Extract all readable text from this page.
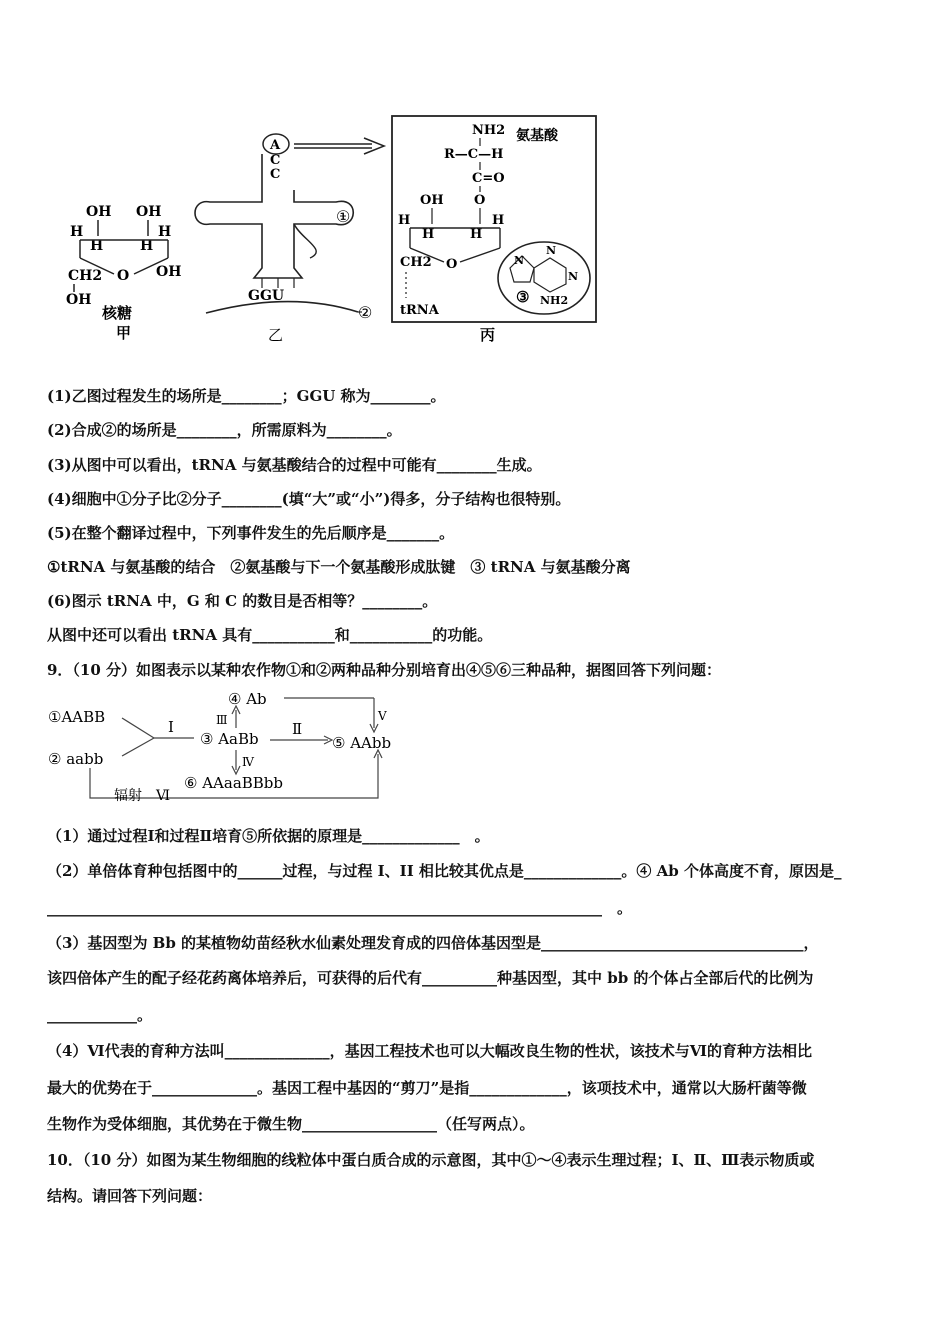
OH OH
H
H	H
H
O OH
CH2
OH
核糖
甲
A
C
C
GGU
①
②
乙
NH2 氨基酸
R—C—H
C=O
O
OH
H
H	H
H
O
CH2
tRNA
N
N
N
③ NH2
丙
(1)乙图过程发生的场所是________；GGU 称为________。
(2)合成②的场所是________，所需原料为________。
(3)从图中可以看出，tRNA 与氨基酸结合的过程中可能有________生成。
(4)细胞中①分子比②分子________(填“大”或“小”)得多，分子结构也很特别。
(5)在整个翻译过程中，下列事件发生的先后顺序是_______。
①tRNA 与氨基酸的结合　②氨基酸与下一个氨基酸形成肽键　③ tRNA 与氨基酸分离
(6)图示 tRNA 中，G 和 C 的数目是否相等？________。
从图中还可以看出 tRNA 具有___________和___________的功能。
9．（10 分）如图表示以某种农作物①和②两种品种分别培育出④⑤⑥三种品种，据图回答下列问题：
①AABB
② aabb
Ⅰ
③ AaBb
Ⅱ
⑤ AAbb
Ⅲ
④ Ab
Ⅴ
Ⅳ
⑥ AAaaBBbb
辐射　Ⅵ
（1）通过过程Ⅰ和过程Ⅱ培育⑤所依据的原理是_____________　。
（2）单倍体育种包括图中的______过程，与过程 I、II 相比较其优点是_____________。④ Ab 个体高度不育，原因是_
__________________________________________________________________________　。
（3）基因型为 Bb 的某植物幼苗经秋水仙素处理发育成的四倍体基因型是___________________________________，
该四倍体产生的配子经花药离体培养后，可获得的后代有__________种基因型，其中 bb 的个体占全部后代的比例为
____________。
（4）Ⅵ代表的育种方法叫______________，基因工程技术也可以大幅改良生物的性状，该技术与Ⅵ的育种方法相比
最大的优势在于______________。基因工程中基因的“剪刀”是指_____________，该项技术中，通常以大肠杆菌等微
生物作为受体细胞，其优势在于微生物__________________（任写两点）。
10．（10 分）如图为某生物细胞的线粒体中蛋白质合成的示意图，其中①～④表示生理过程；Ⅰ、Ⅱ、Ⅲ表示物质或
结构。请回答下列问题：
